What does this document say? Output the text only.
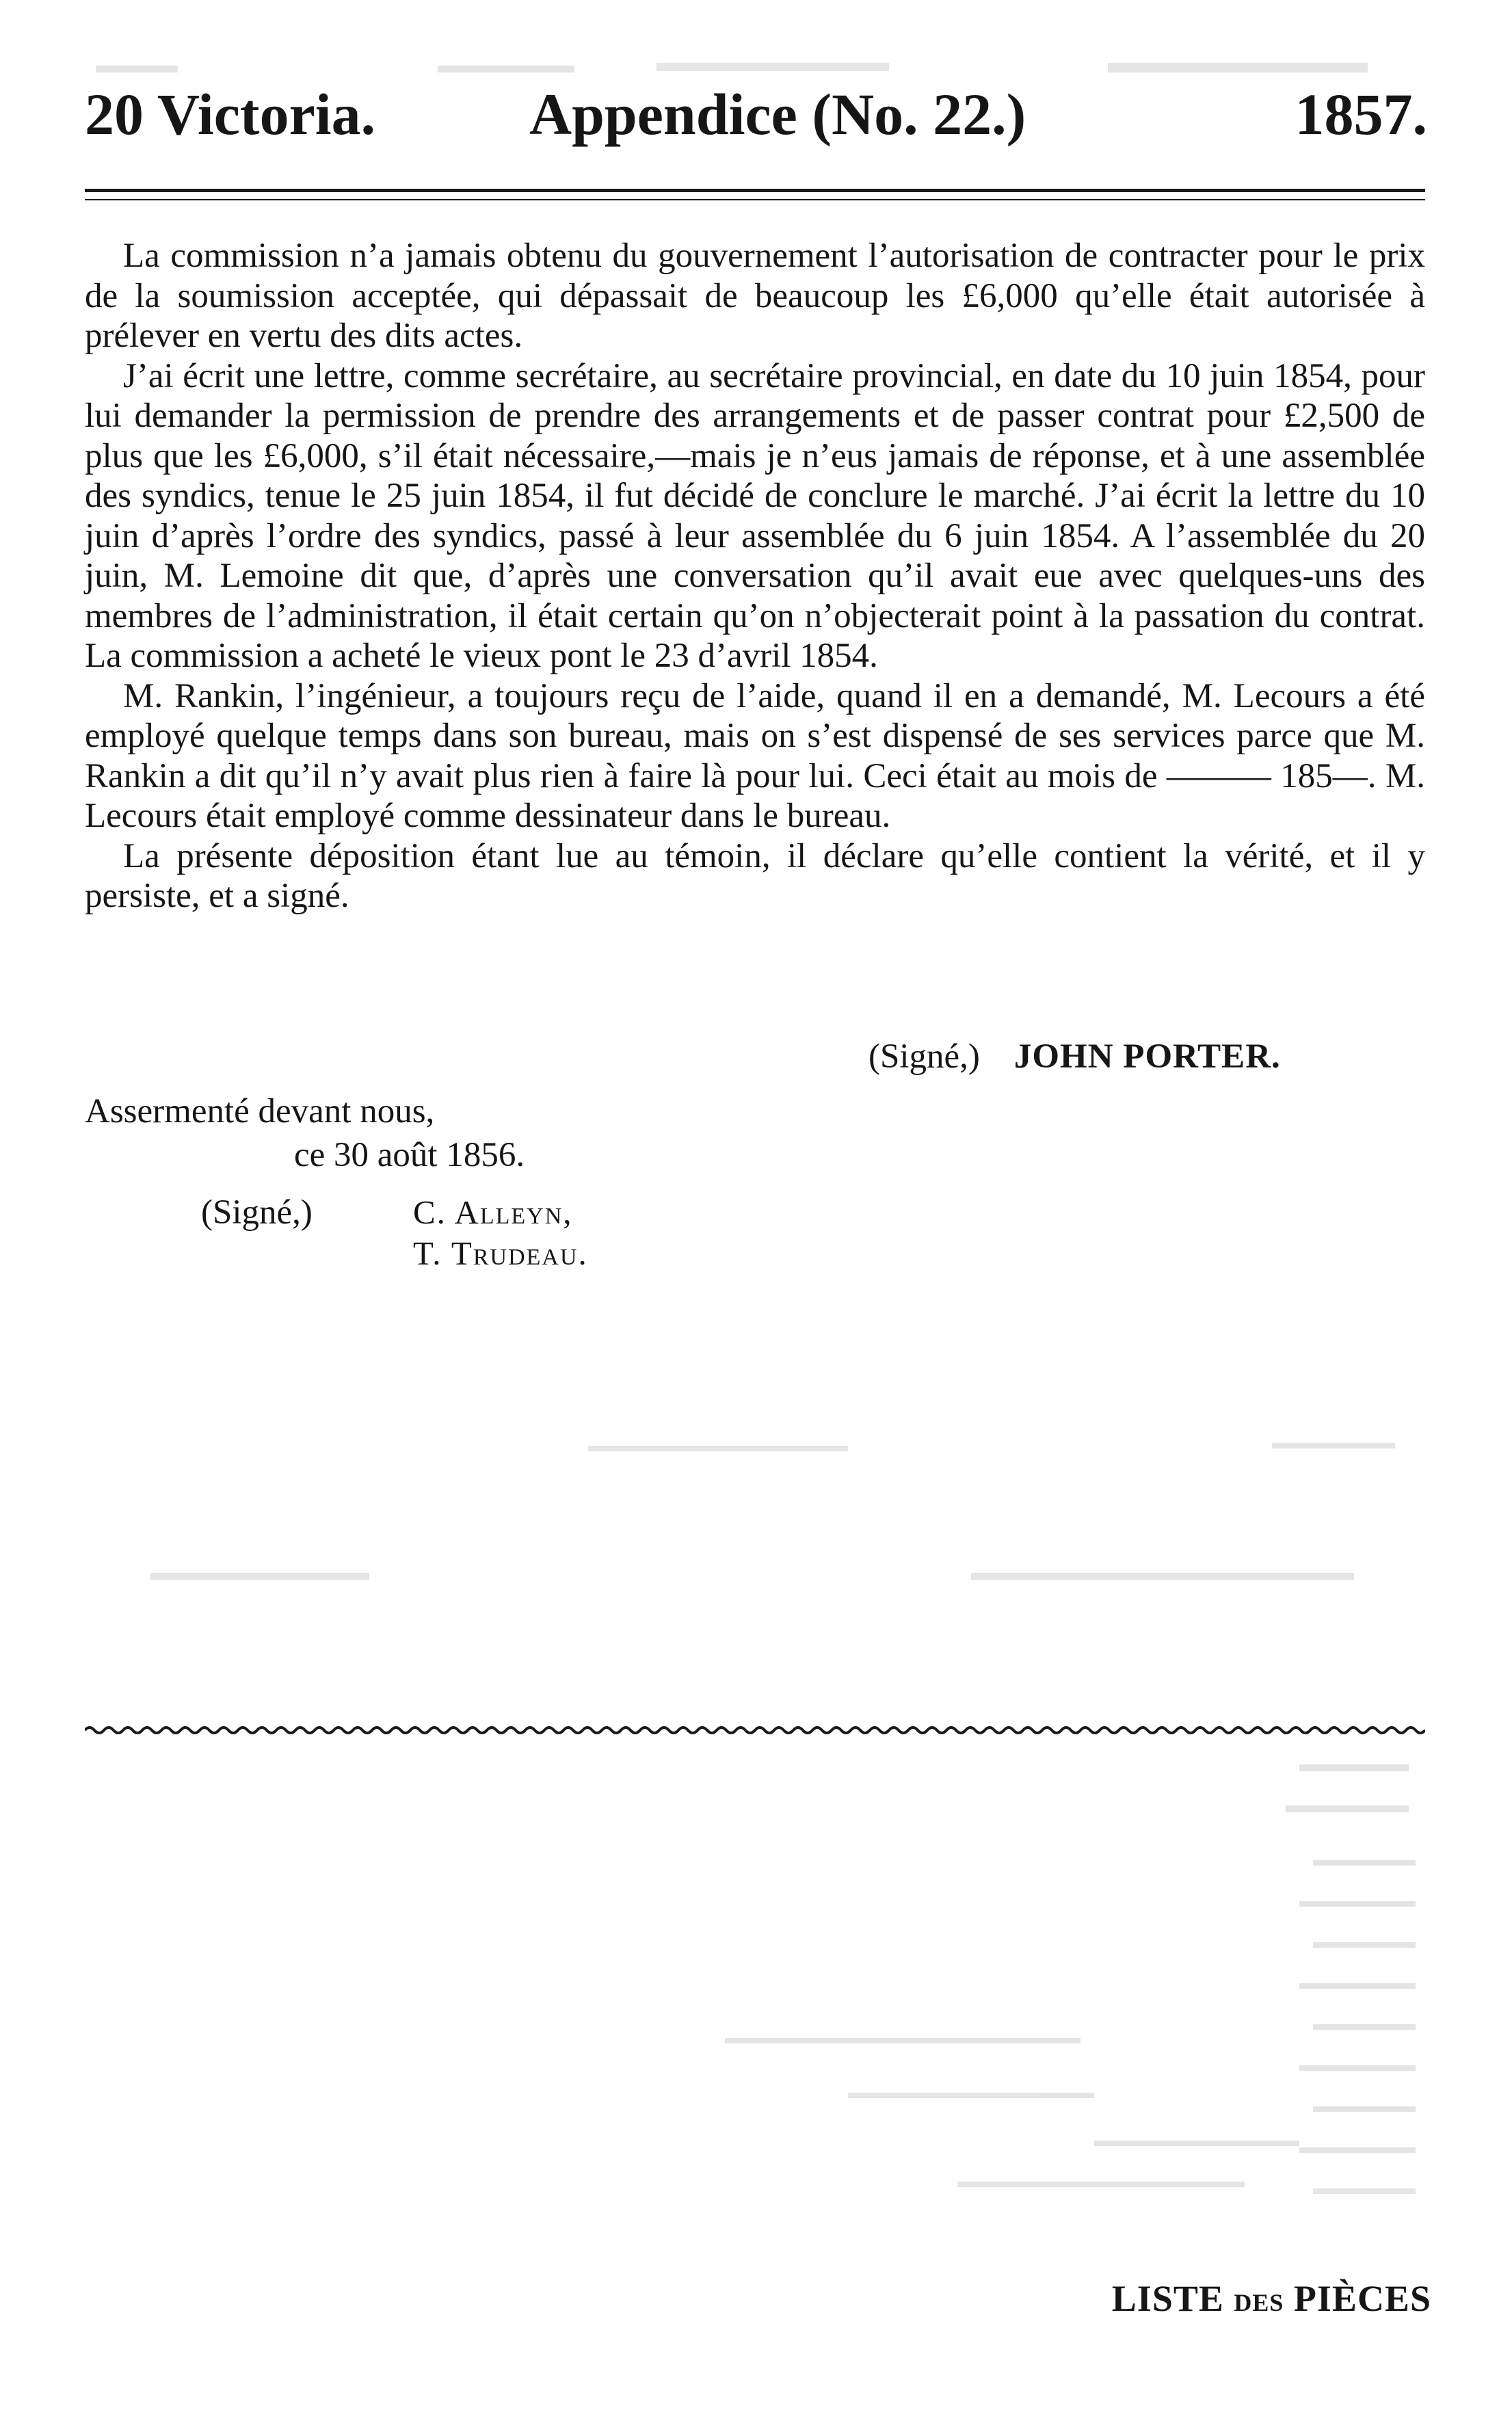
20 Victoria.	Appendice (No. 22.)	1857.

La commission n’a jamais obtenu du gouvernement l’autorisation de contracter pour le prix de la soumission acceptée, qui dépassait de beaucoup les £6,000 qu’elle était autorisée à prélever en vertu des dits actes.

J’ai écrit une lettre, comme secrétaire, au secrétaire provincial, en date du 10 juin 1854, pour lui demander la permission de prendre des arrangements et de passer contrat pour £2,500 de plus que les £6,000, s’il était nécessaire,—mais je n’eus jamais de réponse, et à une assemblée des syndics, tenue le 25 juin 1854, il fut décidé de conclure le marché. J’ai écrit la lettre du 10 juin d’après l’ordre des syndics, passé à leur assemblée du 6 juin 1854. A l’assemblée du 20 juin, M. Lemoine dit que, d’après une conversation qu’il avait eue avec quelques-uns des membres de l’administration, il était certain qu’on n’objecterait point à la passation du contrat. La commission a acheté le vieux pont le 23 d’avril 1854.

M. Rankin, l’ingénieur, a toujours reçu de l’aide, quand il en a demandé, M. Lecours a été employé quelque temps dans son bureau, mais on s’est dispensé de ses services parce que M. Rankin a dit qu’il n’y avait plus rien à faire là pour lui. Ceci était au mois de ——— 185—. M. Lecours était employé comme dessinateur dans le bureau.

La présente déposition étant lue au témoin, il déclare qu’elle contient la vérité, et il y persiste, et a signé.

(Signé,) JOHN PORTER.
Assermenté devant nous,
ce 30 août 1856.
(Signé,)	C. Alleyn,
T. Trudeau.
LISTE DES PIÈCES
